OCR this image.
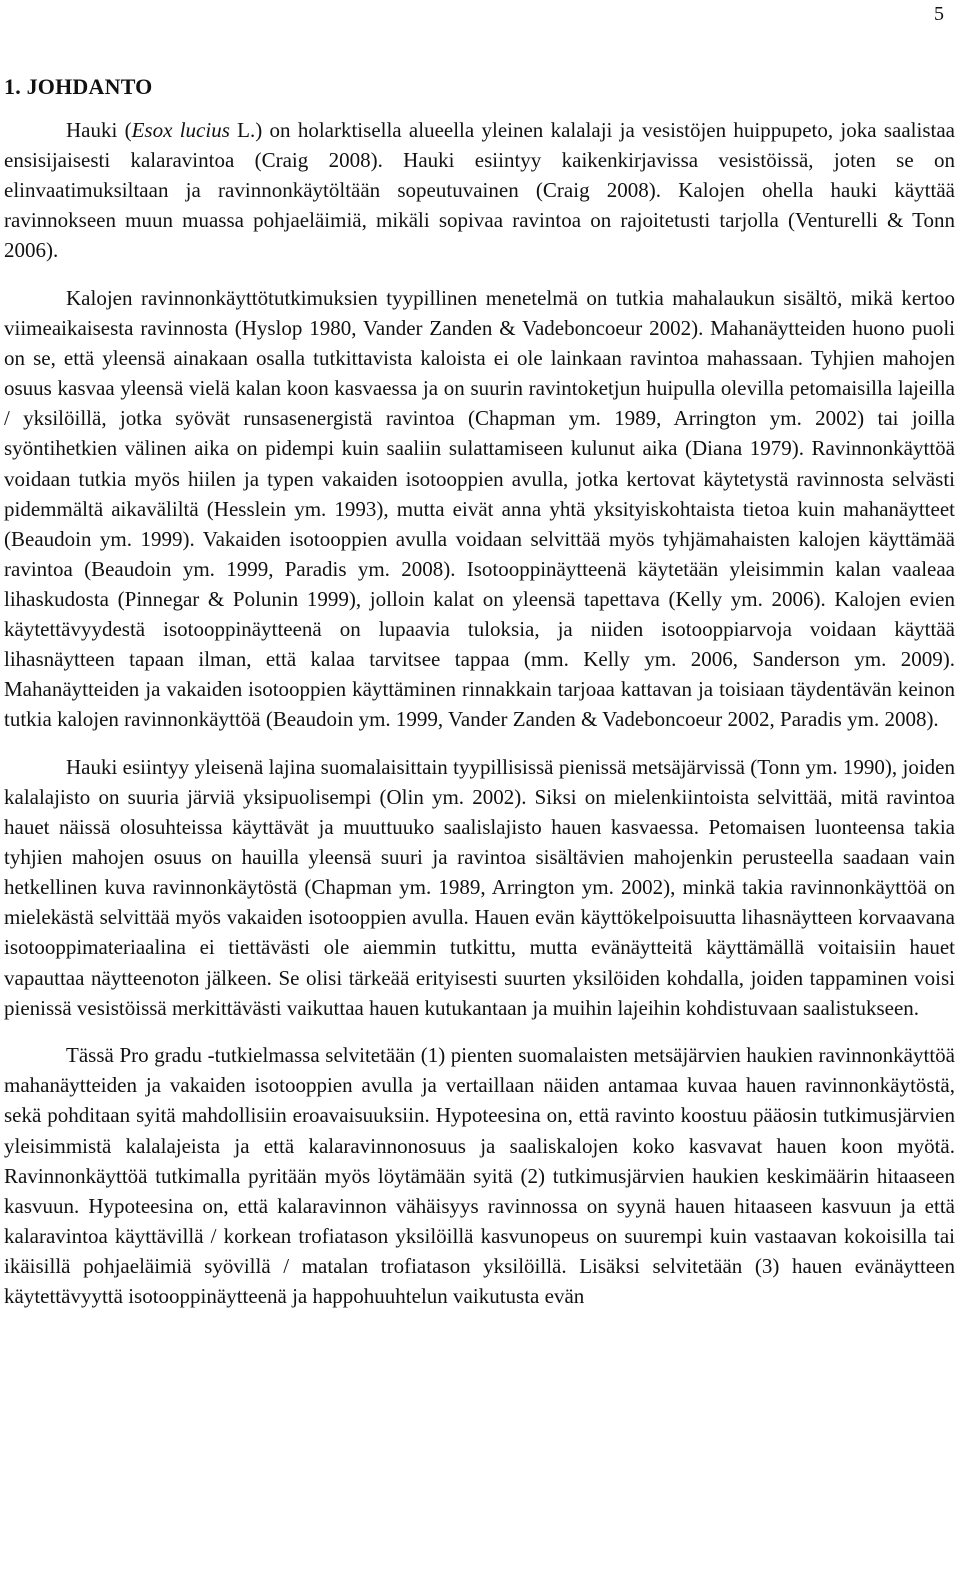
5
1. JOHDANTO

Hauki (Esox lucius L.) on holarktisella alueella yleinen kalalaji ja vesistöjen huippupeto, joka saalistaa ensisijaisesti kalaravintoa (Craig 2008). Hauki esiintyy kaikenkirjavissa vesistöissä, joten se on elinvaatimuksiltaan ja ravinnonkäytöltään sopeutuvainen (Craig 2008). Kalojen ohella hauki käyttää ravinnokseen muun muassa pohjaeläimiä, mikäli sopivaa ravintoa on rajoitetusti tarjolla (Venturelli & Tonn 2006).

Kalojen ravinnonkäyttötutkimuksien tyypillinen menetelmä on tutkia mahalaukun sisältö, mikä kertoo viimeaikaisesta ravinnosta (Hyslop 1980, Vander Zanden & Vadeboncoeur 2002). Mahanäytteiden huono puoli on se, että yleensä ainakaan osalla tutkittavista kaloista ei ole lainkaan ravintoa mahassaan. Tyhjien mahojen osuus kasvaa yleensä vielä kalan koon kasvaessa ja on suurin ravintoketjun huipulla olevilla petomaisilla lajeilla / yksilöillä, jotka syövät runsasenergistä ravintoa (Chapman ym. 1989, Arrington ym. 2002) tai joilla syöntihetkien välinen aika on pidempi kuin saaliin sulattamiseen kulunut aika (Diana 1979). Ravinnonkäyttöä voidaan tutkia myös hiilen ja typen vakaiden isotooppien avulla, jotka kertovat käytetystä ravinnosta selvästi pidemmältä aikaväliltä (Hesslein ym. 1993), mutta eivät anna yhtä yksityiskohtaista tietoa kuin mahanäytteet (Beaudoin ym. 1999). Vakaiden isotooppien avulla voidaan selvittää myös tyhjämahaisten kalojen käyttämää ravintoa (Beaudoin ym. 1999, Paradis ym. 2008). Isotooppinäytteenä käytetään yleisimmin kalan vaaleaa lihaskudosta (Pinnegar & Polunin 1999), jolloin kalat on yleensä tapettava (Kelly ym. 2006). Kalojen evien käytettävyydestä isotooppinäytteenä on lupaavia tuloksia, ja niiden isotooppiarvoja voidaan käyttää lihasnäytteen tapaan ilman, että kalaa tarvitsee tappaa (mm. Kelly ym. 2006, Sanderson ym. 2009). Mahanäytteiden ja vakaiden isotooppien käyttäminen rinnakkain tarjoaa kattavan ja toisiaan täydentävän keinon tutkia kalojen ravinnonkäyttöä (Beaudoin ym. 1999, Vander Zanden & Vadeboncoeur 2002, Paradis ym. 2008).

Hauki esiintyy yleisenä lajina suomalaisittain tyypillisissä pienissä metsäjärvissä (Tonn ym. 1990), joiden kalalajisto on suuria järviä yksipuolisempi (Olin ym. 2002). Siksi on mielenkiintoista selvittää, mitä ravintoa hauet näissä olosuhteissa käyttävät ja muuttuuko saalislajisto hauen kasvaessa. Petomaisen luonteensa takia tyhjien mahojen osuus on hauilla yleensä suuri ja ravintoa sisältävien mahojenkin perusteella saadaan vain hetkellinen kuva ravinnonkäytöstä (Chapman ym. 1989, Arrington ym. 2002), minkä takia ravinnonkäyttöä on mielekästä selvittää myös vakaiden isotooppien avulla. Hauen evän käyttökelpoisuutta lihasnäytteen korvaavana isotooppimateriaalina ei tiettävästi ole aiemmin tutkittu, mutta evänäytteitä käyttämällä voitaisiin hauet vapauttaa näytteenoton jälkeen. Se olisi tärkeää erityisesti suurten yksilöiden kohdalla, joiden tappaminen voisi pienissä vesistöissä merkittävästi vaikuttaa hauen kutukantaan ja muihin lajeihin kohdistuvaan saalistukseen.

Tässä Pro gradu -tutkielmassa selvitetään (1) pienten suomalaisten metsäjärvien haukien ravinnonkäyttöä mahanäytteiden ja vakaiden isotooppien avulla ja vertaillaan näiden antamaa kuvaa hauen ravinnonkäytöstä, sekä pohditaan syitä mahdollisiin eroavaisuuksiin. Hypoteesina on, että ravinto koostuu pääosin tutkimusjärvien yleisimmistä kalalajeista ja että kalaravinnonosuus ja saaliskalojen koko kasvavat hauen koon myötä. Ravinnonkäyttöä tutkimalla pyritään myös löytämään syitä (2) tutkimusjärvien haukien keskimäärin hitaaseen kasvuun. Hypoteesina on, että kalaravinnon vähäisyys ravinnossa on syynä hauen hitaaseen kasvuun ja että kalaravintoa käyttävillä / korkean trofiatason yksilöillä kasvunopeus on suurempi kuin vastaavan kokoisilla tai ikäisillä pohjaeläimiä syövillä / matalan trofiatason yksilöillä. Lisäksi selvitetään (3) hauen evänäytteen käytettävyyttä isotooppinäytteenä ja happohuuhtelun vaikutusta evän
